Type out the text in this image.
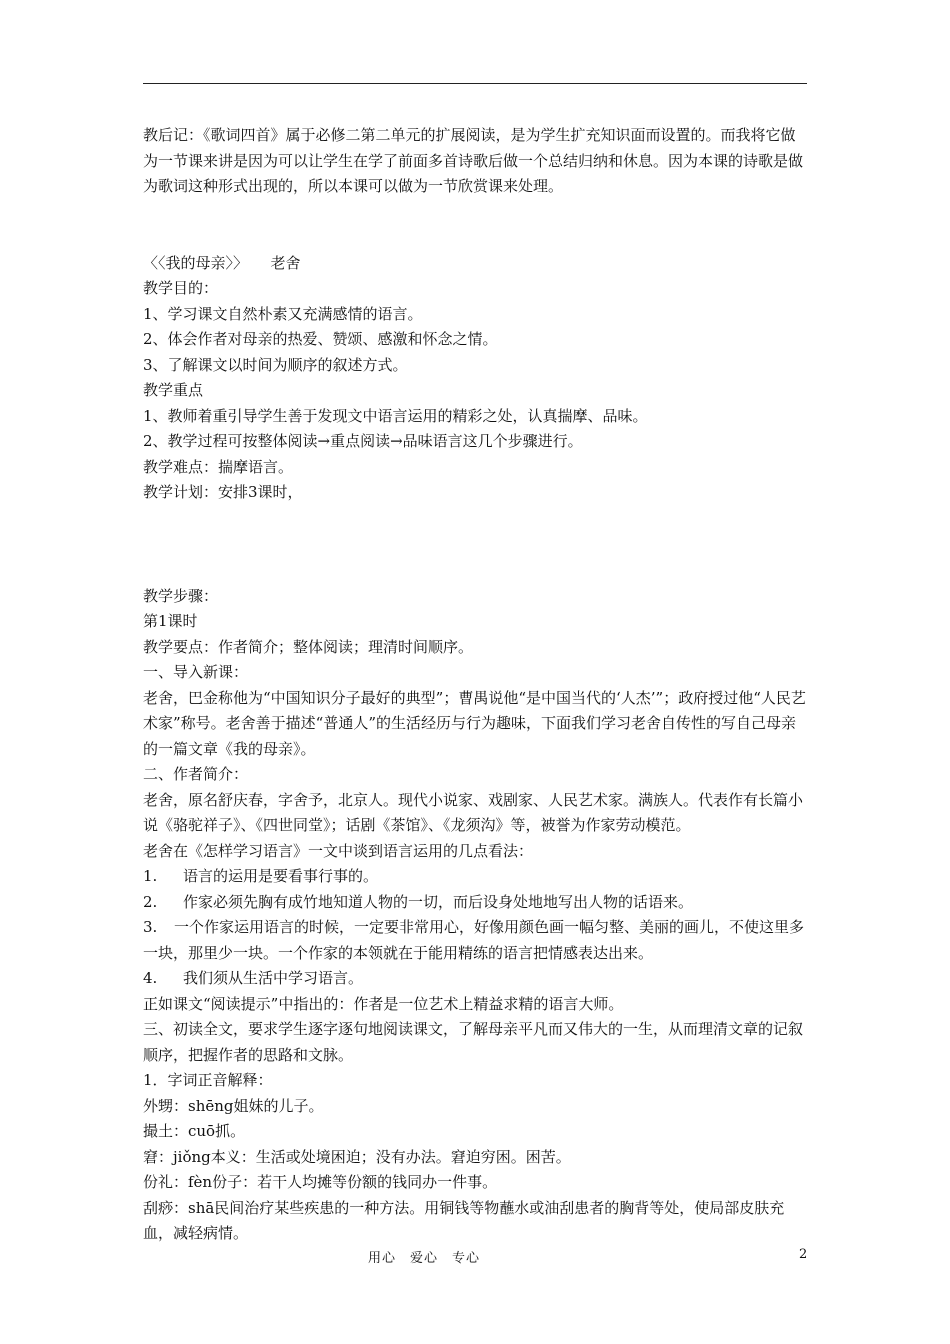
教后记：《歌词四首》属于必修二第二单元的扩展阅读，是为学生扩充知识面而设置的。而我将它做为一节课来讲是因为可以让学生在学了前面多首诗歌后做一个总结归纳和休息。因为本课的诗歌是做为歌词这种形式出现的，所以本课可以做为一节欣赏课来处理。

〈〈我的母亲〉〉　　老舍

教学目的：

1、学习课文自然朴素又充满感情的语言。

2、体会作者对母亲的热爱、赞颂、感激和怀念之情。

3、了解课文以时间为顺序的叙述方式。

教学重点

1、教师着重引导学生善于发现文中语言运用的精彩之处，认真揣摩、品味。

2、教学过程可按整体阅读→重点阅读→品味语言这几个步骤进行。

教学难点：揣摩语言。

教学计划：安排3课时，

教学步骤：

第1课时

教学要点：作者简介；整体阅读；理清时间顺序。

一、导入新课：

老舍，巴金称他为“中国知识分子最好的典型”；曹禺说他“是中国当代的‘人杰’”；政府授过他“人民艺术家”称号。老舍善于描述“普通人”的生活经历与行为趣味，下面我们学习老舍自传性的写自己母亲的一篇文章《我的母亲》。

二、作者简介：

老舍，原名舒庆春，字舍予，北京人。现代小说家、戏剧家、人民艺术家。满族人。代表作有长篇小说《骆驼祥子》、《四世同堂》；话剧《茶馆》、《龙须沟》等，被誉为作家劳动模范。

老舍在《怎样学习语言》一文中谈到语言运用的几点看法：

1. 语言的运用是要看事行事的。

2. 作家必须先胸有成竹地知道人物的一切，而后设身处地地写出人物的话语来。

3. 一个作家运用语言的时候，一定要非常用心，好像用颜色画一幅匀整、美丽的画儿，不使这里多一块，那里少一块。一个作家的本领就在于能用精练的语言把情感表达出来。

4. 我们须从生活中学习语言。

正如课文“阅读提示”中指出的：作者是一位艺术上精益求精的语言大师。

三、初读全文，要求学生逐字逐句地阅读课文，了解母亲平凡而又伟大的一生，从而理清文章的记叙顺序，把握作者的思路和文脉。

1．字词正音解释：

外甥：shēng姐妹的儿子。

撮土：cuō抓。

窘：jiǒng本义：生活或处境困迫；没有办法。窘迫穷困。困苦。

份礼：fèn份子：若干人均摊等份额的钱同办一件事。

刮痧：shā民间治疗某些疾患的一种方法。用铜钱等物蘸水或油刮患者的胸背等处，使局部皮肤充血，减轻病情。

用心　爱心　专心	2
